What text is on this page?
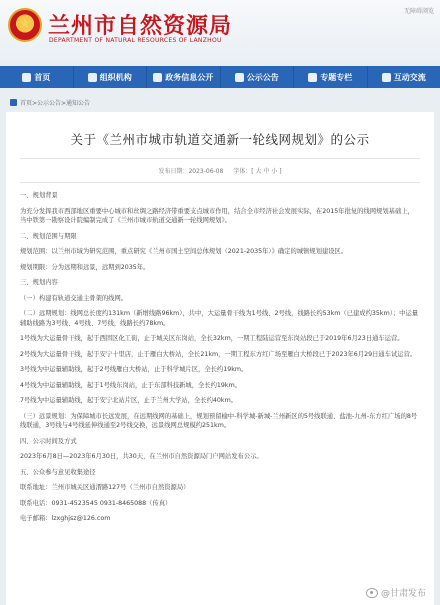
★
兰州市自然资源局
DEPARTMENT OF NATURAL RESOURCES OF LANZHOU
无障碍浏览
首页	组织机构	政务信息公开	公示公告	专题专栏	互动交流
首页>公示公告>通知公告
关于《兰州市城市轨道交通新一轮线网规划》的公示
发布日期：2023-06-08 字体：[ 大 中 小 ]

一、规划背景

为充分发挥我市西部地区重要中心城市和丝绸之路经济带重要支点城市作用，结合全市经济社会发展实际，在2015年批复的线网规划基础上，当中铁第一勘察设计院编制完成了《兰州市城市轨道交通新一轮线网规划》。

二、规划范围与期限

规划范围：以兰州市域为研究范围，重点研究《兰州市国土空间总体规划（2021-2035年）》确定的城镇规划建设区。

规划期限：分为远期和远景，远期到2035年。

三、规划内容

（一）构建有轨道交通主骨架的线网。

（二）远期规划：线网总长度约131km（新增线路96km），共中，大运量骨干线为1号线、2号线，线路长约53km（已建成约35km）；中运量辅助线路为3号线、4号线、7号线，线路长约78km。

1号线为大运量骨干线，起于西固区化工街，止于城关区东岗站，全长32km，一期工程陆运营至东岗站段已于2019年6月23日通车运营。

2号线为大运量骨干线，起于安宁十里店，止于雁白大桥站，全长21km，一期工程东方红广场至雁白大桥段已于2023年6月29日通车试运营。

3号线为中运量辅助线，起于2号线雁白大桥站，止于科学城片区，全长约19km。

4号线为中运量辅助线，起于1号线东岗站，止于东部科技新城，全长约19km。

7号线为中运量辅助线，起于安宁北站片区，止于兰州大学站，全长约40km。

（三）远景规划：为保障城市长远发展，在远期线网的基础上，规划预留榆中-科学城-新城-兰州新区的5号线联通、盐池-九州-东方红广场的8号线联通，3号线与4号线延伸线通至2号线交换，远景线网总规模约251km。

四、公示时间及方式

2023年6月8日—2023年6月30日，共30天，在兰州市自然资源局门户网站发布公示。

五、公众参与意见收集途径

联系地址：兰州市城关区通渭路127号（兰州市自然资源局）

联系电话：0931-4523545 0931-8465088（传真）

电子邮箱：lzxghjsz@126.com

@甘肃发布
